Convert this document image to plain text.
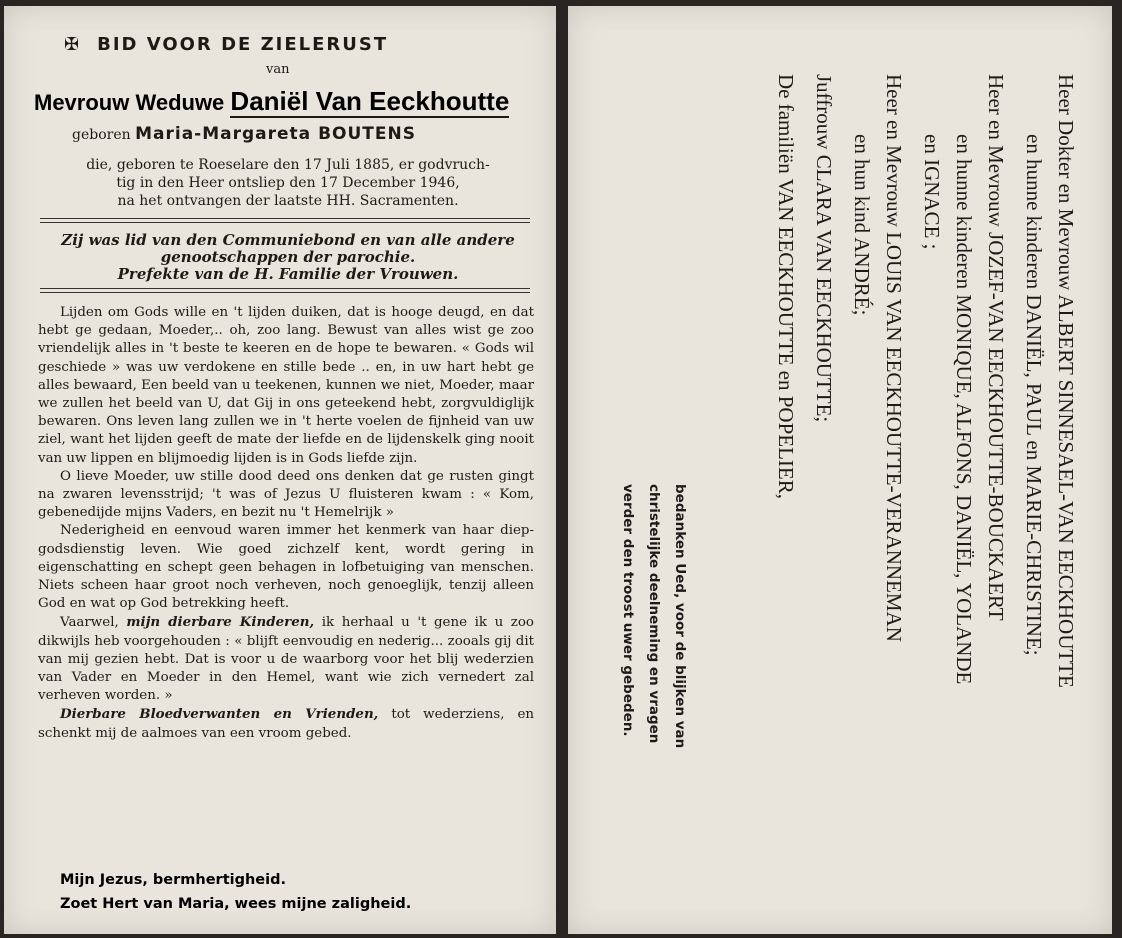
✠ BID VOOR DE ZIELERUST
van
Mevrouw Weduwe Daniël Van Eeckhoutte
geboren Maria-Margareta BOUTENS
die, geboren te Roeselare den 17 Juli 1885, er godvruch-
tig in den Heer ontsliep den 17 December 1946,
na het ontvangen der laatste HH. Sacramenten.
Zij was lid van den Communiebond en van alle andere
genootschappen der parochie.
Prefekte van de H. Familie der Vrouwen.

Lijden om Gods wille en 't lijden duiken, dat is hooge deugd, en dat hebt ge gedaan, Moeder,.. oh, zoo lang. Bewust van alles wist ge zoo vriendelijk alles in 't beste te keeren en de hope te bewaren. « Gods wil geschiede » was uw verdokene en stille bede .. en, in uw hart hebt ge alles bewaard, Een beeld van u teekenen, kunnen we niet, Moeder, maar we zullen het beeld van U, dat Gij in ons geteekend hebt, zorgvuldiglijk bewaren. Ons leven lang zullen we in 't herte voelen de fijnheid van uw ziel, want het lijden geeft de mate der liefde en de lijdenskelk ging nooit van uw lippen en blijmoedig lijden is in Gods liefde zijn.

O lieve Moeder, uw stille dood deed ons denken dat ge rusten gingt na zwaren levensstrijd; 't was of Jezus U fluisteren kwam : « Kom, gebenedijde mijns Vaders, en bezit nu 't Hemelrijk »

Nederigheid en eenvoud waren immer het kenmerk van haar diep-godsdienstig leven. Wie goed zichzelf kent, wordt gering in eigenschatting en schept geen behagen in lofbetuiging van menschen. Niets scheen haar groot noch verheven, noch genoeglijk, tenzij alleen God en wat op God betrekking heeft.

Vaarwel, mijn dierbare Kinderen, ik herhaal u 't gene ik u zoo dikwijls heb voorgehouden : « blijft eenvoudig en nederig... zooals gij dit van mij gezien hebt. Dat is voor u de waarborg voor het blij wederzien van Vader en Moeder in den Hemel, want wie zich vernedert zal verheven worden. »

Dierbare Bloedverwanten en Vrienden, tot wederziens, en schenkt mij de aalmoes van een vroom gebed.

Mijn Jezus, bermhertigheid.
Zoet Hert van Maria, wees mijne zaligheid.
Heer Dokter en Mevrouw ALBERT SINNESAEL-VAN EECKHOUTTE
en hunne kinderen DANIËL, PAUL en MARIE-CHRISTINE;
Heer en Mevrouw JOZEF-VAN EECKHOUTTE-BOUCKAERT
en hunne kinderen MONIQUE, ALFONS, DANIËL, YOLANDE
en IGNACE ;
Heer en Mevrouw LOUIS VAN EECKHOUTTE-VERANNEMAN
en hun kind ANDRÉ;
Juffrouw CLARA VAN EECKHOUTTE;
De familiën VAN EECKHOUTTE en POPELIER,
bedanken Ued, voor de blijken van
christelijke deelneming en vragen
verder den troost uwer gebeden.
